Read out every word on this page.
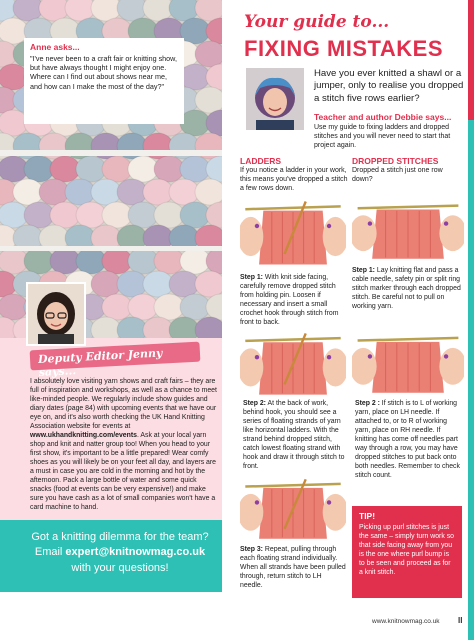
Anne asks...

"I've never been to a craft fair or knitting show, but have always thought I might enjoy one. Where can I find out about shows near me, and how can I make the most of the day?"

Deputy Editor Jenny says...

I absolutely love visiting yarn shows and craft fairs – they are full of inspiration and workshops, as well as a chance to meet like-minded people. We regularly include show guides and diary dates (page 84) with upcoming events that we have our eye on, and it's also worth checking the UK Hand Knitting Association website for events at www.ukhandknitting.com/events. Ask at your local yarn shop and knit and natter group too! When you head to your first show, it's important to be a little prepared! Wear comfy shoes as you will likely be on your feet all day, and layers are a must in case you are cold in the morning and hot by the afternoon. Pack a large bottle of water and some quick snacks (food at events can be very expensive!) and make sure you have cash as a lot of small companies won't have a card machine to hand.

Got a knitting dilemma for the team?
Email expert@knitnowmag.co.uk
with your questions!
Your guide to...
FIXING MISTAKES

Have you ever knitted a shawl or a jumper, only to realise you dropped a stitch five rows earlier?

Teacher and author Debbie says...

Use my guide to fixing ladders and dropped stitches and you will never need to start that project again.

LADDERS

If you notice a ladder in your work, this means you've dropped a stitch a few rows down.

DROPPED STITCHES

Dropped a stitch just one row down?

Step 1: With knit side facing, carefully remove dropped stitch from holding pin. Loosen if necessary and insert a small crochet hook through stitch from front to back.

Step 1: Lay knitting flat and pass a cable needle, safety pin or split ring stitch marker through each dropped stitch. Be careful not to pull on working yarn.

Step 2: At the back of work, behind hook, you should see a series of floating strands of yarn like horizontal ladders. With the strand behind dropped stitch, catch lowest floating strand with hook and draw it through stitch to front.

Step 2 : If stitch is to L of working yarn, place on LH needle. If attached to, or to R of working yarn, place on RH needle. If knitting has come off needles part way through a row, you may have dropped stitches to put back onto both needles. Remember to check stitch count.

Step 3: Repeat, pulling through each floating strand individually. When all strands have been pulled through, return stitch to LH needle.

TIP!

Picking up purl stitches is just the same – simply turn work so that side facing away from you is the one where purl bump is to be seen and proceed as for a knit stitch.

www.knitnowmag.co.uk II
